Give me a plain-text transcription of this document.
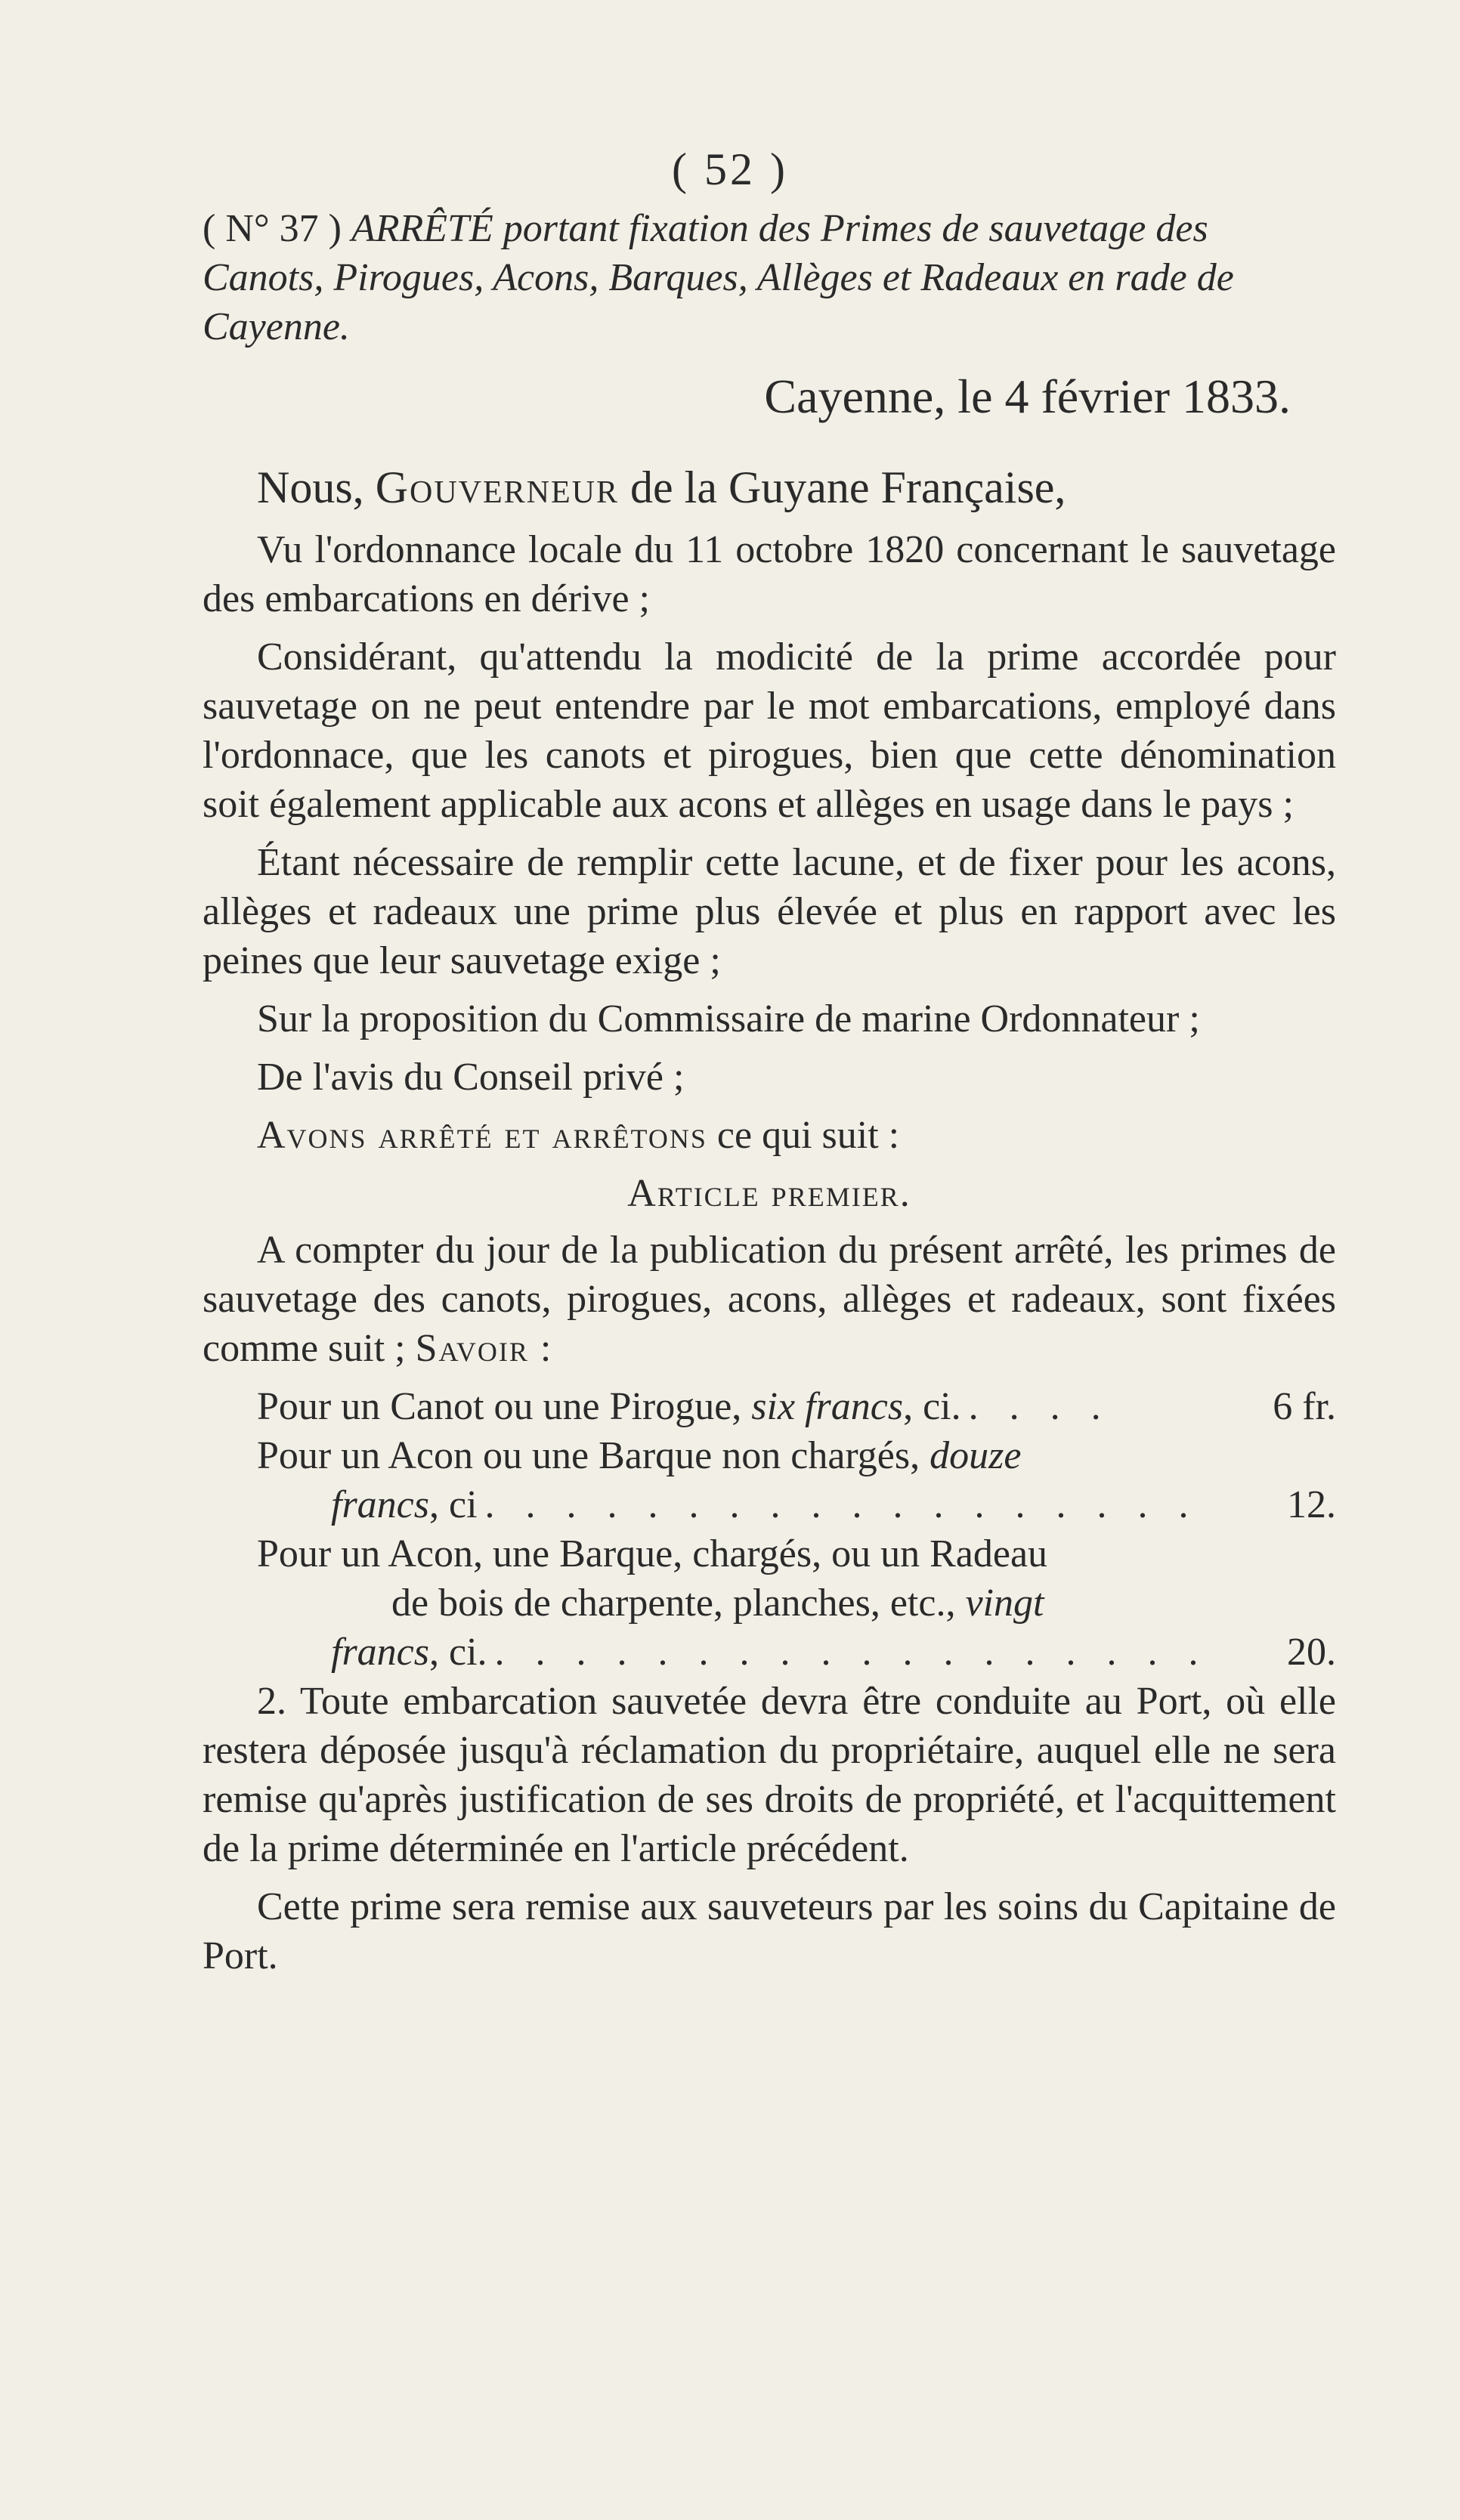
( 52 )

( N° 37 ) ARRÊTÉ portant fixation des Primes de sauvetage des Canots, Pirogues, Acons, Barques, Allèges et Radeaux en rade de Cayenne.

Cayenne, le 4 février 1833.
Nous, Gouverneur de la Guyane Française,

Vu l'ordonnance locale du 11 octobre 1820 concernant le sauvetage des embarcations en dérive ;

Considérant, qu'attendu la modicité de la prime accordée pour sauvetage on ne peut entendre par le mot embarcations, employé dans l'ordonnace, que les canots et pirogues, bien que cette dénomination soit également applicable aux acons et allèges en usage dans le pays ;

Étant nécessaire de remplir cette lacune, et de fixer pour les acons, allèges et radeaux une prime plus élevée et plus en rapport avec les peines que leur sauvetage exige ;

Sur la proposition du Commissaire de marine Ordonnateur ;

De l'avis du Conseil privé ;

Avons arrêté et arrêtons ce qui suit :

Article premier.

A compter du jour de la publication du présent arrêté, les primes de sauvetage des canots, pirogues, acons, allèges et radeaux, sont fixées comme suit ; Savoir :

Pour un Canot ou une Pirogue, six francs, ci. . . . .	6 fr.
Pour un Acon ou une Barque non chargés, douze
francs, ci . . . . . . . . . . . . . . . . . .	12.
Pour un Acon, une Barque, chargés, ou un Radeau
de bois de charpente, planches, etc., vingt
francs, ci. . . . . . . . . . . . . . . . . . .	20.

2. Toute embarcation sauvetée devra être conduite au Port, où elle restera déposée jusqu'à réclamation du propriétaire, auquel elle ne sera remise qu'après justification de ses droits de propriété, et l'acquittement de la prime déterminée en l'article précédent.

Cette prime sera remise aux sauveteurs par les soins du Capitaine de Port.
